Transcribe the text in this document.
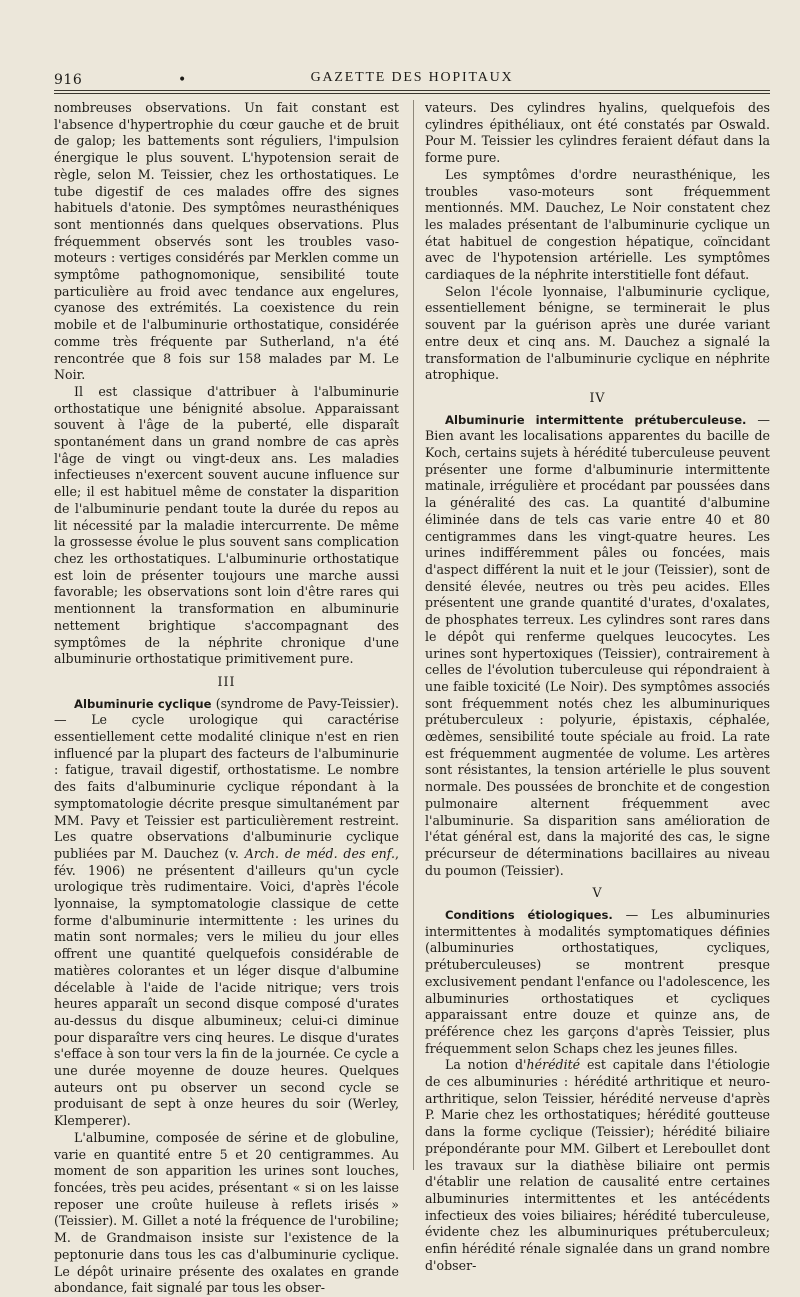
916	•	GAZETTE DES HOPITAUX

nombreuses observations. Un fait constant est l'absence d'hypertrophie du cœur gauche et de bruit de galop; les battements sont réguliers, l'impulsion énergique le plus souvent. L'hypotension serait de règle, selon M. Teissier, chez les orthostatiques. Le tube digestif de ces malades offre des signes habituels d'atonie. Des symptômes neurasthéniques sont mentionnés dans quelques observations. Plus fréquemment observés sont les troubles vaso-moteurs : vertiges considérés par Merklen comme un symptôme pathognomonique, sensibilité toute particulière au froid avec tendance aux engelures, cyanose des extrémités. La coexistence du rein mobile et de l'albuminurie orthostatique, considérée comme très fréquente par Sutherland, n'a été rencontrée que 8 fois sur 158 malades par M. Le Noir.

Il est classique d'attribuer à l'albuminurie orthostatique une bénignité absolue. Apparaissant souvent à l'âge de la puberté, elle disparaît spontanément dans un grand nombre de cas après l'âge de vingt ou vingt-deux ans. Les maladies infectieuses n'exercent souvent aucune influence sur elle; il est habituel même de constater la disparition de l'albuminurie pendant toute la durée du repos au lit nécessité par la maladie intercurrente. De même la grossesse évolue le plus souvent sans complication chez les orthostatiques. L'albuminurie orthostatique est loin de présenter toujours une marche aussi favorable; les observations sont loin d'être rares qui mentionnent la transformation en albuminurie nettement brightique s'accompagnant des symptômes de la néphrite chronique d'une albuminurie orthostatique primitivement pure.

III

Albuminurie cyclique (syndrome de Pavy-Teissier). — Le cycle urologique qui caractérise essentiellement cette modalité clinique n'est en rien influencé par la plupart des facteurs de l'albuminurie : fatigue, travail digestif, orthostatisme. Le nombre des faits d'albuminurie cyclique répondant à la symptomatologie décrite presque simultanément par MM. Pavy et Teissier est particulièrement restreint. Les quatre observations d'albuminurie cyclique publiées par M. Dauchez (v. Arch. de méd. des enf., fév. 1906) ne présentent d'ailleurs qu'un cycle urologique très rudimentaire. Voici, d'après l'école lyonnaise, la symptomatologie classique de cette forme d'albuminurie intermittente : les urines du matin sont normales; vers le milieu du jour elles offrent une quantité quelquefois considérable de matières colorantes et un léger disque d'albumine décelable à l'aide de l'acide nitrique; vers trois heures apparaît un second disque composé d'urates au-dessus du disque albumineux; celui-ci diminue pour disparaître vers cinq heures. Le disque d'urates s'efface à son tour vers la fin de la journée. Ce cycle a une durée moyenne de douze heures. Quelques auteurs ont pu observer un second cycle se produisant de sept à onze heures du soir (Werley, Klemperer).

L'albumine, composée de sérine et de globuline, varie en quantité entre 5 et 20 centigrammes. Au moment de son apparition les urines sont louches, foncées, très peu acides, présentant « si on les laisse reposer une croûte huileuse à reflets irisés » (Teissier). M. Gillet a noté la fréquence de l'urobiline; M. de Grandmaison insiste sur l'existence de la peptonurie dans tous les cas d'albuminurie cyclique. Le dépôt urinaire présente des oxalates en grande abondance, fait signalé par tous les obser-

vateurs. Des cylindres hyalins, quelquefois des cylindres épithéliaux, ont été constatés par Oswald. Pour M. Teissier les cylindres feraient défaut dans la forme pure.

Les symptômes d'ordre neurasthénique, les troubles vaso-moteurs sont fréquemment mentionnés. MM. Dauchez, Le Noir constatent chez les malades présentant de l'albuminurie cyclique un état habituel de congestion hépatique, coïncidant avec de l'hypotension artérielle. Les symptômes cardiaques de la néphrite interstitielle font défaut.

Selon l'école lyonnaise, l'albuminurie cyclique, essentiellement bénigne, se terminerait le plus souvent par la guérison après une durée variant entre deux et cinq ans. M. Dauchez a signalé la transformation de l'albuminurie cyclique en néphrite atrophique.

IV

Albuminurie intermittente prétuberculeuse. — Bien avant les localisations apparentes du bacille de Koch, certains sujets à hérédité tuberculeuse peuvent présenter une forme d'albuminurie intermittente matinale, irrégulière et procédant par poussées dans la généralité des cas. La quantité d'albumine éliminée dans de tels cas varie entre 40 et 80 centigrammes dans les vingt-quatre heures. Les urines indifféremment pâles ou foncées, mais d'aspect différent la nuit et le jour (Teissier), sont de densité élevée, neutres ou très peu acides. Elles présentent une grande quantité d'urates, d'oxalates, de phosphates terreux. Les cylindres sont rares dans le dépôt qui renferme quelques leucocytes. Les urines sont hypertoxiques (Teissier), contrairement à celles de l'évolution tuberculeuse qui répondraient à une faible toxicité (Le Noir). Des symptômes associés sont fréquemment notés chez les albuminuriques prétuberculeux : polyurie, épistaxis, céphalée, œdèmes, sensibilité toute spéciale au froid. La rate est fréquemment augmentée de volume. Les artères sont résistantes, la tension artérielle le plus souvent normale. Des poussées de bronchite et de congestion pulmonaire alternent fréquemment avec l'albuminurie. Sa disparition sans amélioration de l'état général est, dans la majorité des cas, le signe précurseur de déterminations bacillaires au niveau du poumon (Teissier).

V

Conditions étiologiques. — Les albuminuries intermittentes à modalités symptomatiques définies (albuminuries orthostatiques, cycliques, prétuberculeuses) se montrent presque exclusivement pendant l'enfance ou l'adolescence, les albuminuries orthostatiques et cycliques apparaissant entre douze et quinze ans, de préférence chez les garçons d'après Teissier, plus fréquemment selon Schaps chez les jeunes filles.

La notion d'hérédité est capitale dans l'étiologie de ces albuminuries : hérédité arthritique et neuro-arthritique, selon Teissier, hérédité nerveuse d'après P. Marie chez les orthostatiques; hérédité goutteuse dans la forme cyclique (Teissier); hérédité biliaire prépondérante pour MM. Gilbert et Lereboullet dont les travaux sur la diathèse biliaire ont permis d'établir une relation de causalité entre certaines albuminuries intermittentes et les antécédents infectieux des voies biliaires; hérédité tuberculeuse, évidente chez les albuminuriques prétuberculeux; enfin hérédité rénale signalée dans un grand nombre d'obser-
